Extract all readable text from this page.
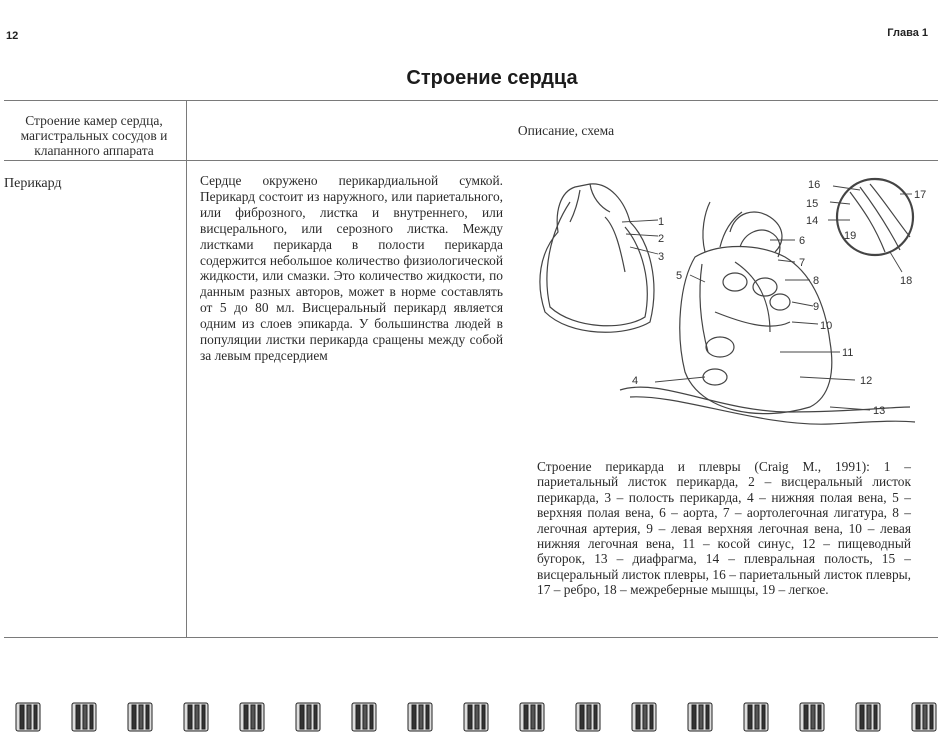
12	Глава 1
Строение сердца
Строение камер сердца, магистральных сосудов и клапанного аппарата
Описание, схема
Перикард	Сердце окружено перикардиальной сумкой. Перикард состоит из наружного, или париетального, или фиброзного, листка и внутреннего, или висцерального, или серозного листка. Между листками перикарда в полости перикарда содержится небольшое количество физиологической жидкости, или смазки. Это количество жидкости, по данным разных авторов, может в норме составлять от 5 до 80 мл. Висцеральный перикард является одним из слоев эпикарда. У большинства людей в популяции листки перикарда сращены между собой за левым предсердием
1
2
3
4
5
6
7
8
9
10
11
12
13
14
15
16
17
18
19
Строение перикарда и плевры (Craig M., 1991): 1 – париетальный листок перикарда, 2 – висцеральный листок перикарда, 3 – полость перикарда, 4 – нижняя полая вена, 5 – верхняя полая вена, 6 – аорта, 7 – аортолегочная лигатура, 8 – легочная артерия, 9 – левая верхняя легочная вена, 10 – левая нижняя легочная вена, 11 – косой синус, 12 – пищеводный бугорок, 13 – диафрагма, 14 – плевральная полость, 15 – висцеральный листок плевры, 16 – париетальный листок плевры, 17 – ребро, 18 – межреберные мышцы, 19 – легкое.
